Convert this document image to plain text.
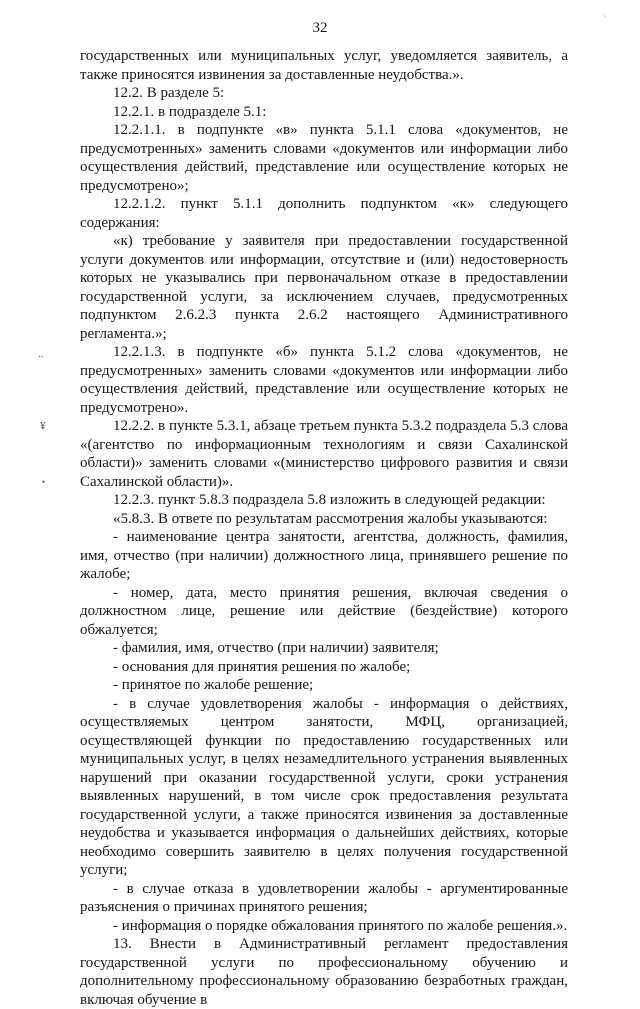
32

государственных или муниципальных услуг, уведомляется заявитель, а также приносятся извинения за доставленные неудобства.».

12.2. В разделе 5:

12.2.1. в подразделе 5.1:

12.2.1.1. в подпункте «в» пункта 5.1.1 слова «документов, не предусмотренных» заменить словами «документов или информации либо осуществления действий, представление или осуществление которых не предусмотрено»;

12.2.1.2. пункт 5.1.1 дополнить подпунктом «к» следующего содержания:

«к) требование у заявителя при предоставлении государственной услуги документов или информации, отсутствие и (или) недостоверность которых не указывались при первоначальном отказе в предоставлении государственной услуги, за исключением случаев, предусмотренных подпунктом 2.6.2.3 пункта 2.6.2 настоящего Административного регламента.»;

12.2.1.3. в подпункте «б» пункта 5.1.2 слова «документов, не предусмотренных» заменить словами «документов или информации либо осуществления действий, представление или осуществление которых не предусмотрено».

12.2.2. в пункте 5.3.1, абзаце третьем пункта 5.3.2 подраздела 5.3 слова «(агентство по информационным технологиям и связи Сахалинской области)» заменить словами «(министерство цифрового развития и связи Сахалинской области)».

12.2.3. пункт 5.8.3 подраздела 5.8 изложить в следующей редакции:

«5.8.3. В ответе по результатам рассмотрения жалобы указываются:

- наименование центра занятости, агентства, должность, фамилия, имя, отчество (при наличии) должностного лица, принявшего решение по жалобе;

- номер, дата, место принятия решения, включая сведения о должностном лице, решение или действие (бездействие) которого обжалуется;

- фамилия, имя, отчество (при наличии) заявителя;

- основания для принятия решения по жалобе;

- принятое по жалобе решение;

- в случае удовлетворения жалобы - информация о действиях, осуществляемых центром занятости, МФЦ, организацией, осуществляющей функции по предоставлению государственных или муниципальных услуг, в целях незамедлительного устранения выявленных нарушений при оказании государственной услуги, сроки устранения выявленных нарушений, в том числе срок предоставления результата государственной услуги, а также приносятся извинения за доставленные неудобства и указывается информация о дальнейших действиях, которые необходимо совершить заявителю в целях получения государственной услуги;

- в случае отказа в удовлетворении жалобы - аргументированные разъяснения о причинах принятого решения;

- информация о порядке обжалования принятого по жалобе решения.».

13. Внести в Административный регламент предоставления государственной услуги по профессиональному обучению и дополнительному профессиональному образованию безработных граждан, включая обучение в

..
¥
•
'
